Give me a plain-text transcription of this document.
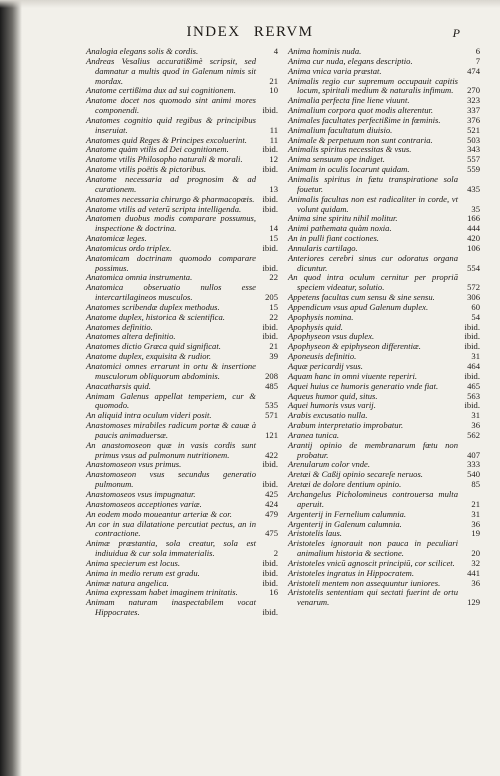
INDEX RERVM	P
Analogia elegans solis & cordis.	4
Andreas Vesalius accuratißimè scripsit, sed damnatur a multis quod in Galenum nimis sit mordax.	21
Anatome certißima dux ad sui cognitionem.	10
Anatome docet nos quomodo sint animi mores componendi.	ibid.
Anatomes cognitio quid regibus & principibus inseruiat.	11
Anatomes quid Reges & Principes excoluerint.	11
Anatome quàm vtilis ad Dei cognitionem.	ibid.
Anatome vtilis Philosopho naturali & morali.	12
Anatome vtilis poëtis & pictoribus.	ibid.
Anatome necessaria ad prognosim & ad curationem.	13
Anatomes necessaria chirurgo & pharmacopœis. ibid.
Anatome vtilis ad veterū scripta intelligenda.	ibid.
Anatomen duobus modis comparare possumus, inspectione & doctrina.	14
Anatomicæ leges.	15
Anatomicus ordo triplex.	ibid.
Anatomicam doctrinam quomodo comparare possimus.	ibid.
Anatomica omnia instrumenta.	22
Anatomica obseruatio nullos esse intercartilagineos musculos.	205
Anatomes scribendæ duplex methodus.	15
Anatome duplex, historica & scientifica.	22
Anatomes definitio.	ibid.
Anatomes altera definitio.	ibid.
Anatomes dictio Græca quid significat.	21
Anatome duplex, exquisita & rudior.	39
Anatomici omnes errarunt in ortu & insertione musculorum obliquorum abdominis.	208
Anacatharsis quid.	485
Animam Galenus appellat temperiem, cur & quomodo.	535
An aliquid intra oculum videri posit.	571
Anastomoses mirabiles radicum portæ & cauæ à paucis animaduersæ.	121
An anastomoseon quæ in vasis cordis sunt primus vsus ad pulmonum nutritionem.	422
Anastomoseon vsus primus.	ibid.
Anastomoseon vsus secundus generatio pulmonum.	ibid.
Anastomoseos vsus impugnatur.	425
Anastomoseos acceptiones variæ.	424
An eodem modo moueantur arteriæ & cor.	479
An cor in sua dilatatione percutiat pectus, an in contractione.	475
Animæ præstantia, sola creatur, sola est indiuidua & cur sola immaterialis.	2
Anima specierum est locus.	ibid.
Anima in medio rerum est gradu.	ibid.
Animæ natura angelica.	ibid.
Anima expressam habet imaginem trinitatis.	16
Animam naturam inaspectabilem vocat Hippocrates.	ibid.
Anima hominis nuda.	6
Anima cur nuda, elegans descriptio.	7
Anima vnica varia præstat.	474
Animalis regio cur supremum occupauit capitis locum, spiritali medium & naturalis infimum.	270
Animalia perfecta fine liene viuunt.	323
Animalium corpora quot modis alterentur.	337
Animales facultates perfectißime in fœminis.	376
Animalium facultatum diuisio.	521
Animale & perpetuum non sunt contraria.	503
Animalis spiritus necessitas & vsus.	343
Anima sensuum ope indiget.	557
Animam in oculis locarunt quidam.	559
Animalis spiritus in fætu transpiratione sola fouetur.	435
Animalis facultas non est radicaliter in corde, vt volunt quidam.	35
Anima sine spiritu nihil molitur.	166
Animi pathemata quàm noxia.	444
An in pulli fiant coctiones.	420
Annularis cartilago.	106
Anteriores cerebri sinus cur odoratus organa dicuntur.	554
An quod intra oculum cernitur per propriā speciem videatur, solutio.	572
Appetens facultas cum sensu & sine sensu.	306
Appendicum vsus apud Galenum duplex.	60
Apophysis nomina.	54
Apophysis quid.	ibid.
Apophyseon vsus duplex.	ibid.
Apophyseon & epiphyseon differentiæ.	ibid.
Aponeusis definitio.	31
Aquæ pericardij vsus.	464
Aquam hanc in omni viuente reperiri.	ibid.
Aquei huius ce humoris generatio vnde fiat.	465
Aqueus humor quid, situs.	563
Aquei humoris vsus varij.	ibid.
Arabis excusatio nulla.	31
Arabum interpretatio improbatur.	36
Aranea tunica.	562
Arantij opinio de membranarum fœtu non probatur.	407
Arenularum color vnde.	333
Aretæi & Caßij opinio secareſe neruos.	540
Aretæi de dolore dentium opinio.	85
Archangelus Picholomineus controuersa multa aperuit.	21
Argenterij in Fernelium calumnia.	31
Argenterij in Galenum calumnia.	36
Aristotelis laus.	19
Aristoteles ignorauit non pauca in peculiari animalium historia & sectione.	20
Aristoteles vnicū agnoscit principiū, cor scilicet.	32
Aristoteles ingratus in Hippocratem.	441
Aristoteli mentem non assequuntur iuniores.	36
Aristotelis sententiam qui sectati fuerint de ortu venarum.	129
